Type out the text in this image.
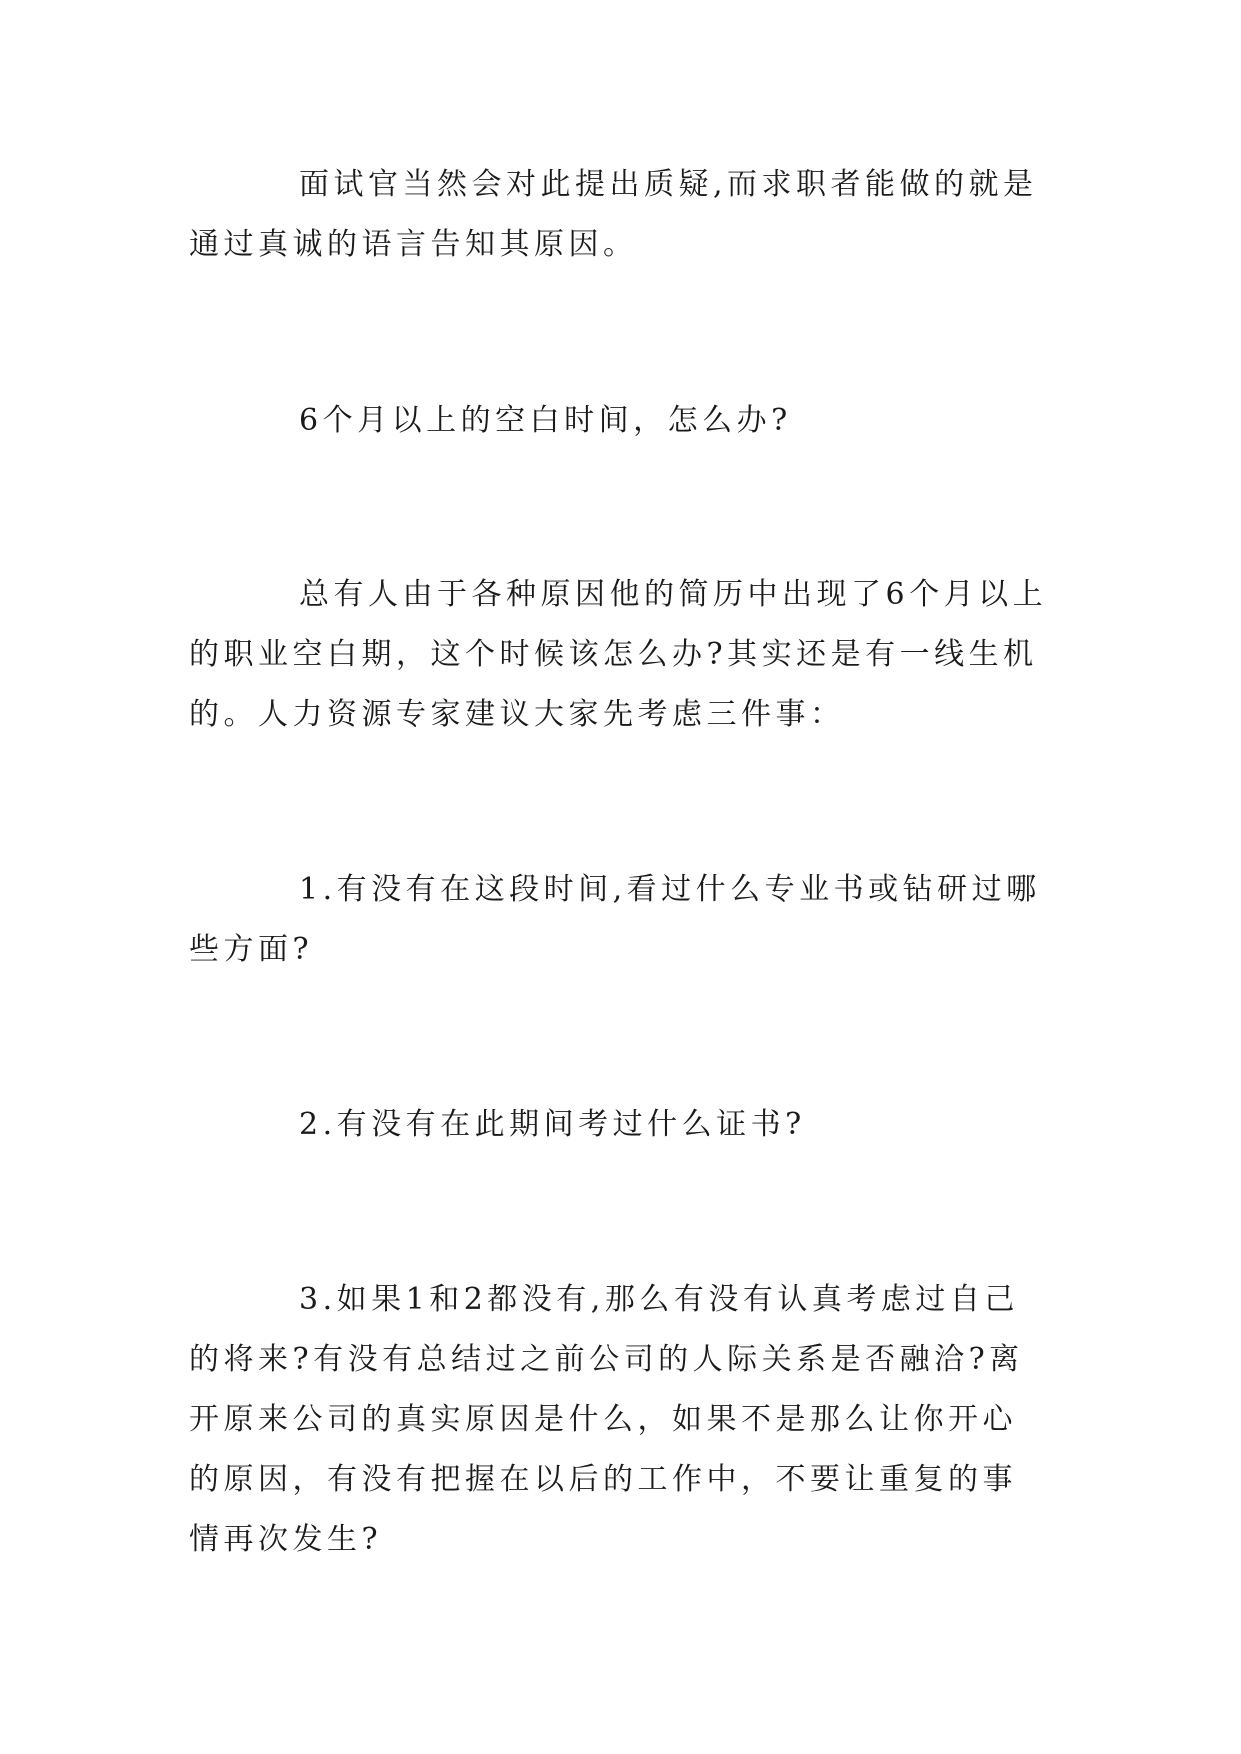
面试官当然会对此提出质疑,而求职者能做的就是通过真诚的语言告知其原因。

6个月以上的空白时间，怎么办?

总有人由于各种原因他的简历中出现了6个月以上的职业空白期，这个时候该怎么办?其实还是有一线生机的。人力资源专家建议大家先考虑三件事：

1.有没有在这段时间,看过什么专业书或钻研过哪些方面?

2.有没有在此期间考过什么证书?

3.如果1和2都没有,那么有没有认真考虑过自己的将来?有没有总结过之前公司的人际关系是否融洽?离开原来公司的真实原因是什么，如果不是那么让你开心的原因，有没有把握在以后的工作中，不要让重复的事情再次发生?
